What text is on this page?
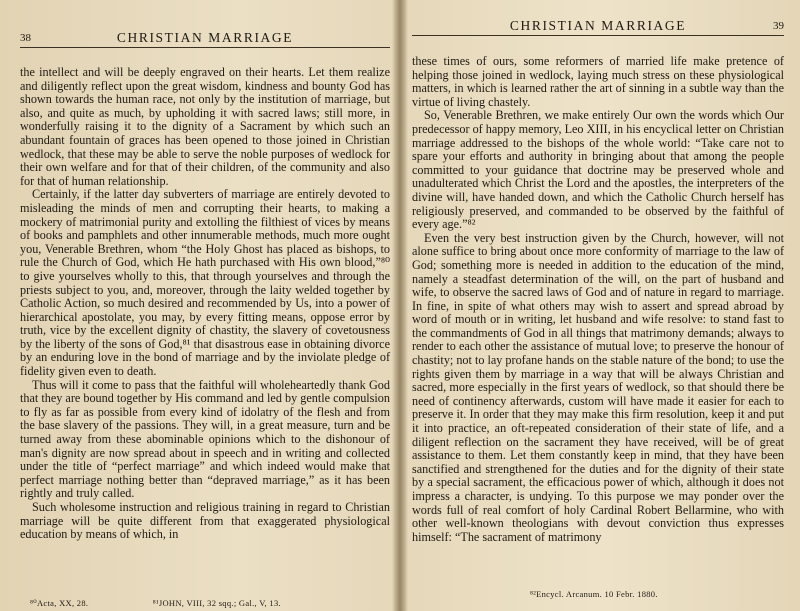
38	CHRISTIAN MARRIAGE

the intellect and will be deeply engraved on their hearts. Let them realize and diligently reflect upon the great wisdom, kindness and bounty God has shown towards the human race, not only by the institution of marriage, but also, and quite as much, by upholding it with sacred laws; still more, in wonderfully raising it to the dignity of a Sacrament by which such an abundant fountain of graces has been opened to those joined in Christian wedlock, that these may be able to serve the noble purposes of wedlock for their own welfare and for that of their children, of the community and also for that of human relationship.

Certainly, if the latter day subverters of marriage are entirely devoted to misleading the minds of men and corrupting their hearts, to making a mockery of matrimonial purity and extolling the filthiest of vices by means of books and pamphlets and other innumerable methods, much more ought you, Venerable Brethren, whom “the Holy Ghost has placed as bishops, to rule the Church of God, which He hath purchased with His own blood,”⁸⁰ to give yourselves wholly to this, that through yourselves and through the priests subject to you, and, moreover, through the laity welded together by Catholic Action, so much desired and recommended by Us, into a power of hierarchical apostolate, you may, by every fitting means, oppose error by truth, vice by the excellent dignity of chastity, the slavery of covetousness by the liberty of the sons of God,⁸¹ that disastrous ease in obtaining divorce by an enduring love in the bond of marriage and by the inviolate pledge of fidelity given even to death.

Thus will it come to pass that the faithful will wholeheartedly thank God that they are bound together by His command and led by gentle compulsion to fly as far as possible from every kind of idolatry of the flesh and from the base slavery of the passions. They will, in a great measure, turn and be turned away from these abominable opinions which to the dishonour of man's dignity are now spread about in speech and in writing and collected under the title of “perfect marriage” and which indeed would make that perfect marriage nothing better than “depraved marriage,” as it has been rightly and truly called.

Such wholesome instruction and religious training in regard to Christian marriage will be quite different from that exaggerated physiological education by means of which, in

⁸⁰Acta, XX, 28.	⁸¹JOHN, VIII, 32 sqq.; Gal., V, 13.
CHRISTIAN MARRIAGE	39

these times of ours, some reformers of married life make pretence of helping those joined in wedlock, laying much stress on these physiological matters, in which is learned rather the art of sinning in a subtle way than the virtue of living chastely.

So, Venerable Brethren, we make entirely Our own the words which Our predecessor of happy memory, Leo XIII, in his encyclical letter on Christian marriage addressed to the bishops of the whole world: “Take care not to spare your efforts and authority in bringing about that among the people committed to your guidance that doctrine may be preserved whole and unadulterated which Christ the Lord and the apostles, the interpreters of the divine will, have handed down, and which the Catholic Church herself has religiously preserved, and commanded to be observed by the faithful of every age.”⁸²

Even the very best instruction given by the Church, however, will not alone suffice to bring about once more conformity of marriage to the law of God; something more is needed in addition to the education of the mind, namely a steadfast determination of the will, on the part of husband and wife, to observe the sacred laws of God and of nature in regard to marriage. In fine, in spite of what others may wish to assert and spread abroad by word of mouth or in writing, let husband and wife resolve: to stand fast to the commandments of God in all things that matrimony demands; always to render to each other the assistance of mutual love; to preserve the honour of chastity; not to lay profane hands on the stable nature of the bond; to use the rights given them by marriage in a way that will be always Christian and sacred, more especially in the first years of wedlock, so that should there be need of continency afterwards, custom will have made it easier for each to preserve it. In order that they may make this firm resolution, keep it and put it into practice, an oft-repeated consideration of their state of life, and a diligent reflection on the sacrament they have received, will be of great assistance to them. Let them constantly keep in mind, that they have been sanctified and strengthened for the duties and for the dignity of their state by a special sacrament, the efficacious power of which, although it does not impress a character, is undying. To this purpose we may ponder over the words full of real comfort of holy Cardinal Robert Bellarmine, who with other well-known theologians with devout conviction thus expresses himself: “The sacrament of matrimony

⁸²Encycl. Arcanum. 10 Febr. 1880.
